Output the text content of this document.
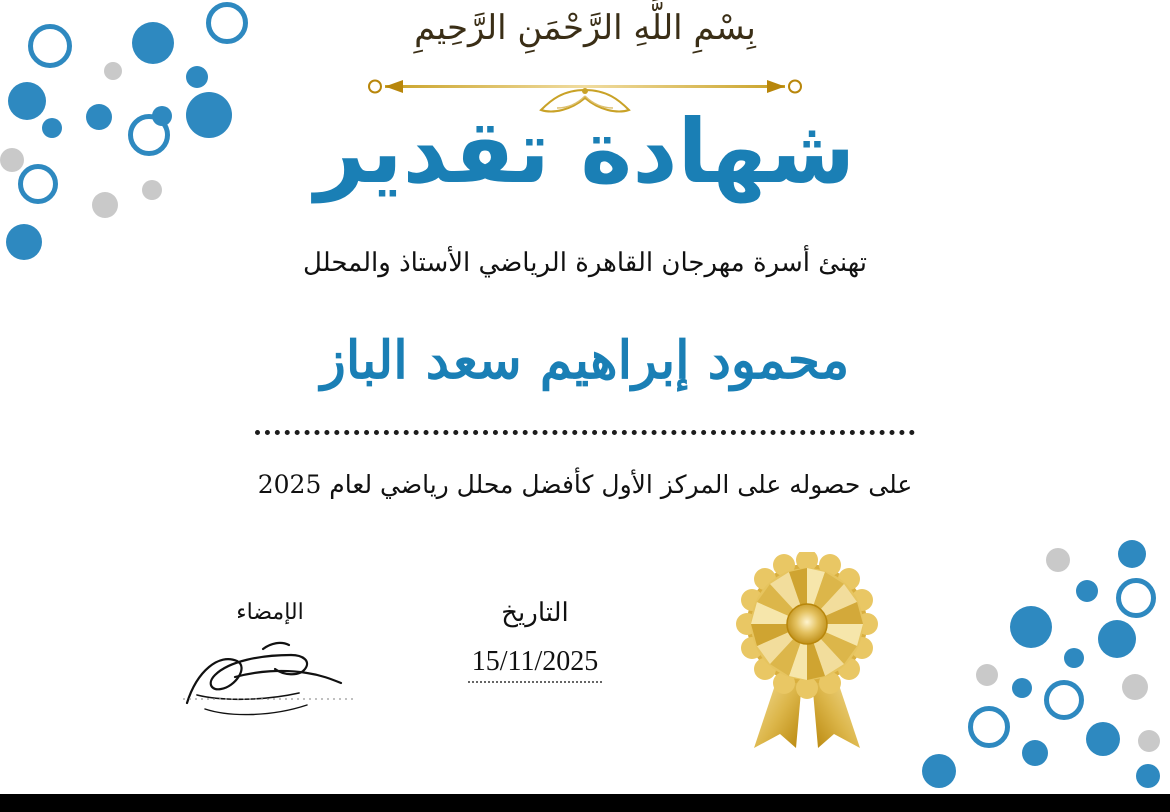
بِسْمِ اللَّهِ الرَّحْمَنِ الرَّحِيمِ
شهادة تقدير
تهنئ أسرة مهرجان القاهرة الرياضي الأستاذ والمحلل
محمود إبراهيم سعد الباز
على حصوله على المركز الأول كأفضل محلل رياضي لعام 2025
الإمضاء	التاريخ
15/11/2025
